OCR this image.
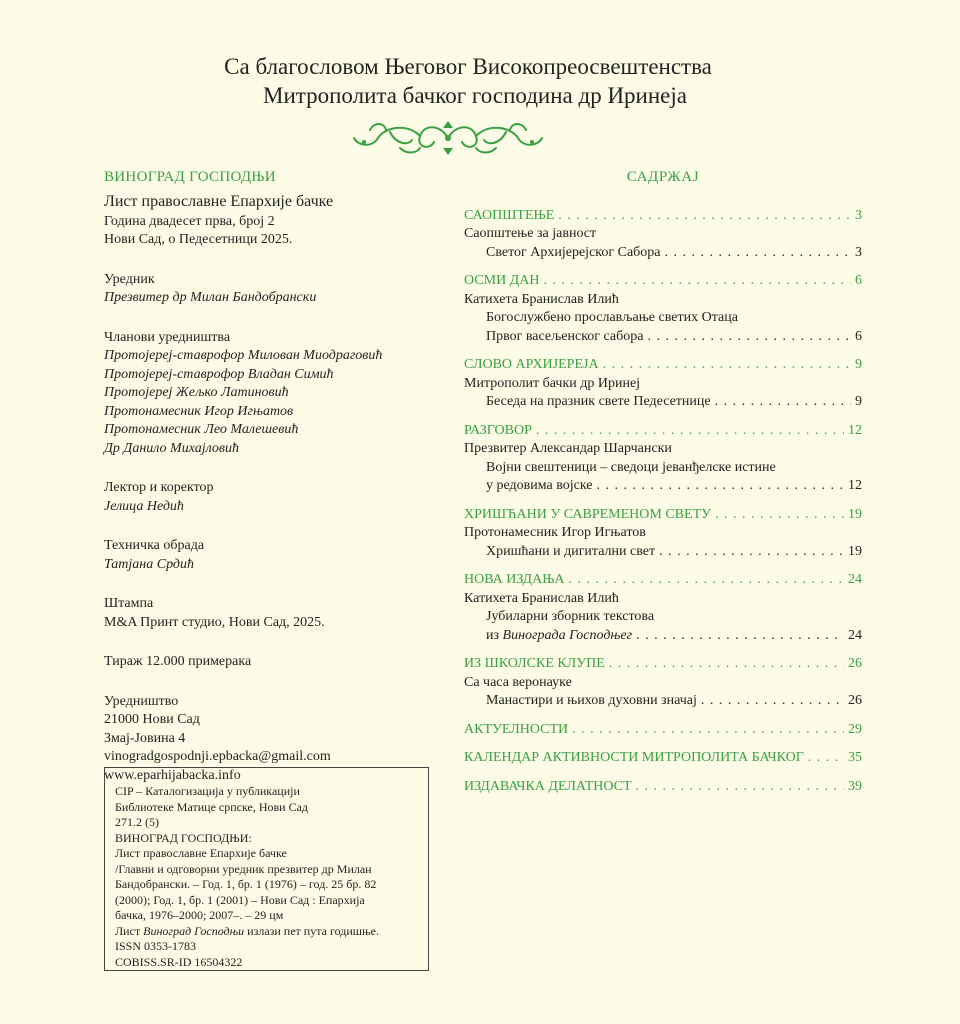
Са благословом Његовог Високопреосвештенства
Митрополита бачког господина др Иринеја

ВИНОГРАД ГОСПОДЊИ

Лист православне Епархије бачке

Година двадесет прва, број 2

Нови Сад, о Педесетници 2025.

Уредник

Презвитер др Милан Бандобрански

Чланови уредништва

Протојереј-ставрофор Милован Миодраговић

Протојереј-ставрофор Владан Симић

Протојереј Жељко Латиновић

Протонамесник Игор Игњатов

Протонамесник Лео Малешевић

Др Данило Михајловић

Лектор и коректор

Јелица Недић

Техничка обрада

Татјана Срдић

Штампа

M&A Принт студио, Нови Сад, 2025.

Тираж 12.000 примерака

Уредништво

21000 Нови Сад

Змај-Јовина 4

vinogradgospodnji.epbacka@gmail.com

www.eparhijabacka.info

CIP – Каталогизација у публикацији
Библиотеке Матице српске, Нови Сад
271.2 (5)
ВИНОГРАД ГОСПОДЊИ:
Лист православне Епархије бачке
/Главни и одговорни уредник презвитер др Милан
Бандобрански. – Год. 1, бр. 1 (1976) – год. 25 бр. 82
(2000); Год. 1, бр. 1 (2001) – Нови Сад : Епархија
бачка, 1976–2000; 2007–. – 29 цм
Лист Виноград Господњи излази пет пута годишње.
ISSN 0353-1783
COBISS.SR-ID 16504322
САДРЖАЈ
САОПШТЕЊЕ . . .	3
Саопштење за јавност
Светог Архијерејског Сабора . . .	3
ОСМИ ДАН . . .	6
Катихета Бранислав Илић
Богослужбено прослављање светих Отаца
Првог васељенског сабора . . .	6
СЛОВО АРХИЈЕРЕЈА . . .	9
Митрополит бачки др Иринеј
Беседа на празник свете Педесетнице . . .	9
РАЗГОВОР . . .	12
Презвитер Александар Шарчански
Војни свештеници – сведоци јеванђелске истине
у редовима војске . . .	12
ХРИШЋАНИ У САВРЕМЕНОМ СВЕТУ . . .	19
Протонамесник Игор Игњатов
Хришћани и дигитални свет . . .	19
НОВА ИЗДАЊА . . .	24
Катихета Бранислав Илић
Јубиларни зборник текстова
из Винограда Господњег . . .	24
ИЗ ШКОЛСКЕ КЛУПЕ . . .	26
Са часа веронауке
Манастири и њихов духовни значај . . .	26
АКТУЕЛНОСТИ . . .	29
КАЛЕНДАР АКТИВНОСТИ МИТРОПОЛИТА БАЧКОГ . . .	35
ИЗДАВАЧКА ДЕЛАТНОСТ . . .	39
